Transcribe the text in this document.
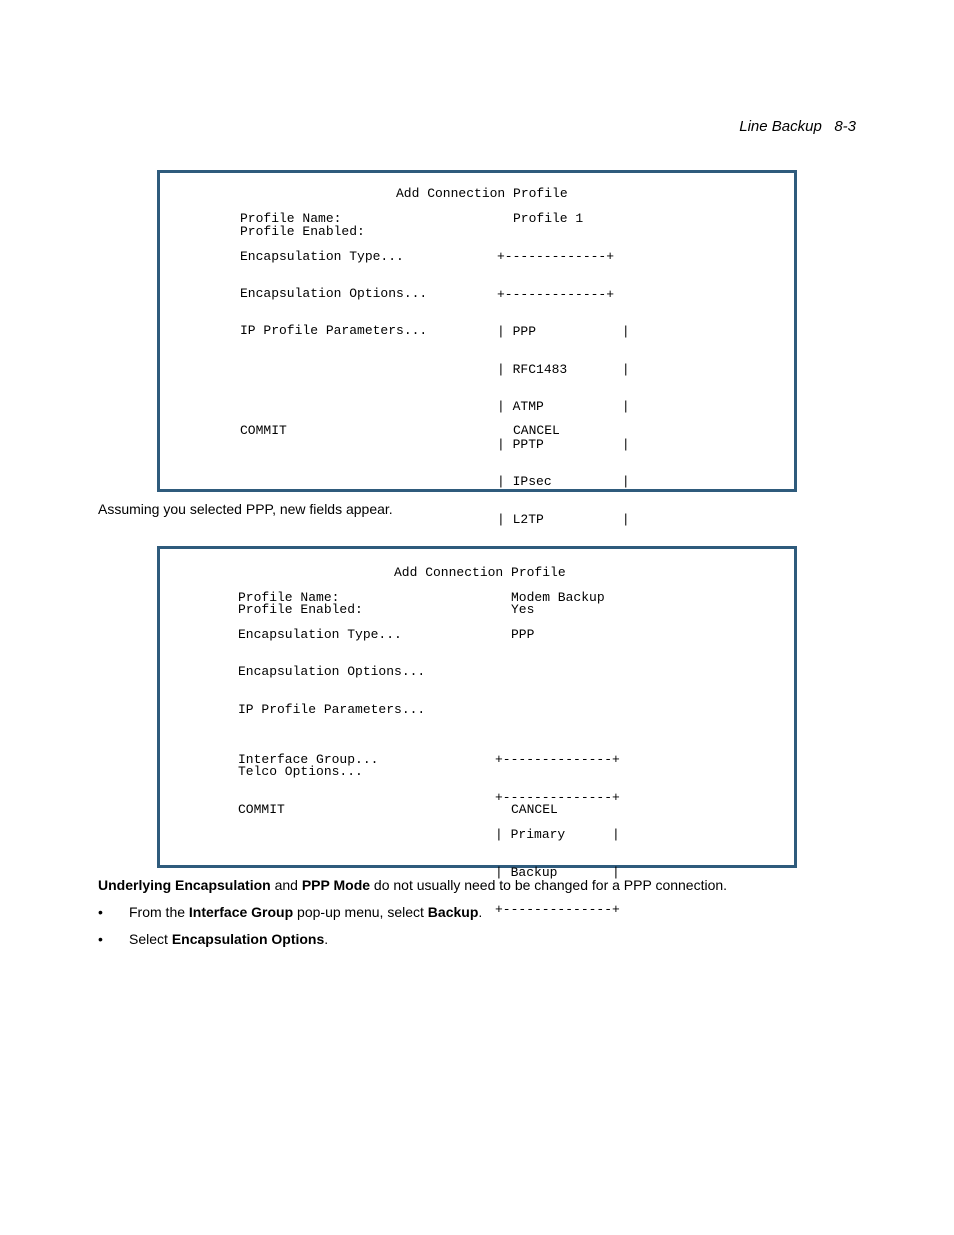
Line Backup 8-3
Add Connection Profile
Profile Name:
Profile Enabled:
Encapsulation Type...
Encapsulation Options...
IP Profile Parameters...
Profile 1

+-------------+

+-------------+

| PPP           |

| RFC1483       |

| ATMP          |

| PPTP          |

| IPsec         |

| L2TP          |

COMMIT	CANCEL
Assuming you selected PPP, new fields appear.
Add Connection Profile
Profile Name:
Profile Enabled:
Encapsulation Type...
Encapsulation Options...
IP Profile Parameters...
Interface Group...
Telco Options...
Modem Backup
Yes
PPP

+--------------+

+--------------+

| Primary      |

| Backup       |

+--------------+

COMMIT	CANCEL
Underlying Encapsulation and PPP Mode do not usually need to be changed for a PPP connection.
• From the Interface Group pop-up menu, select Backup.
• Select Encapsulation Options.
